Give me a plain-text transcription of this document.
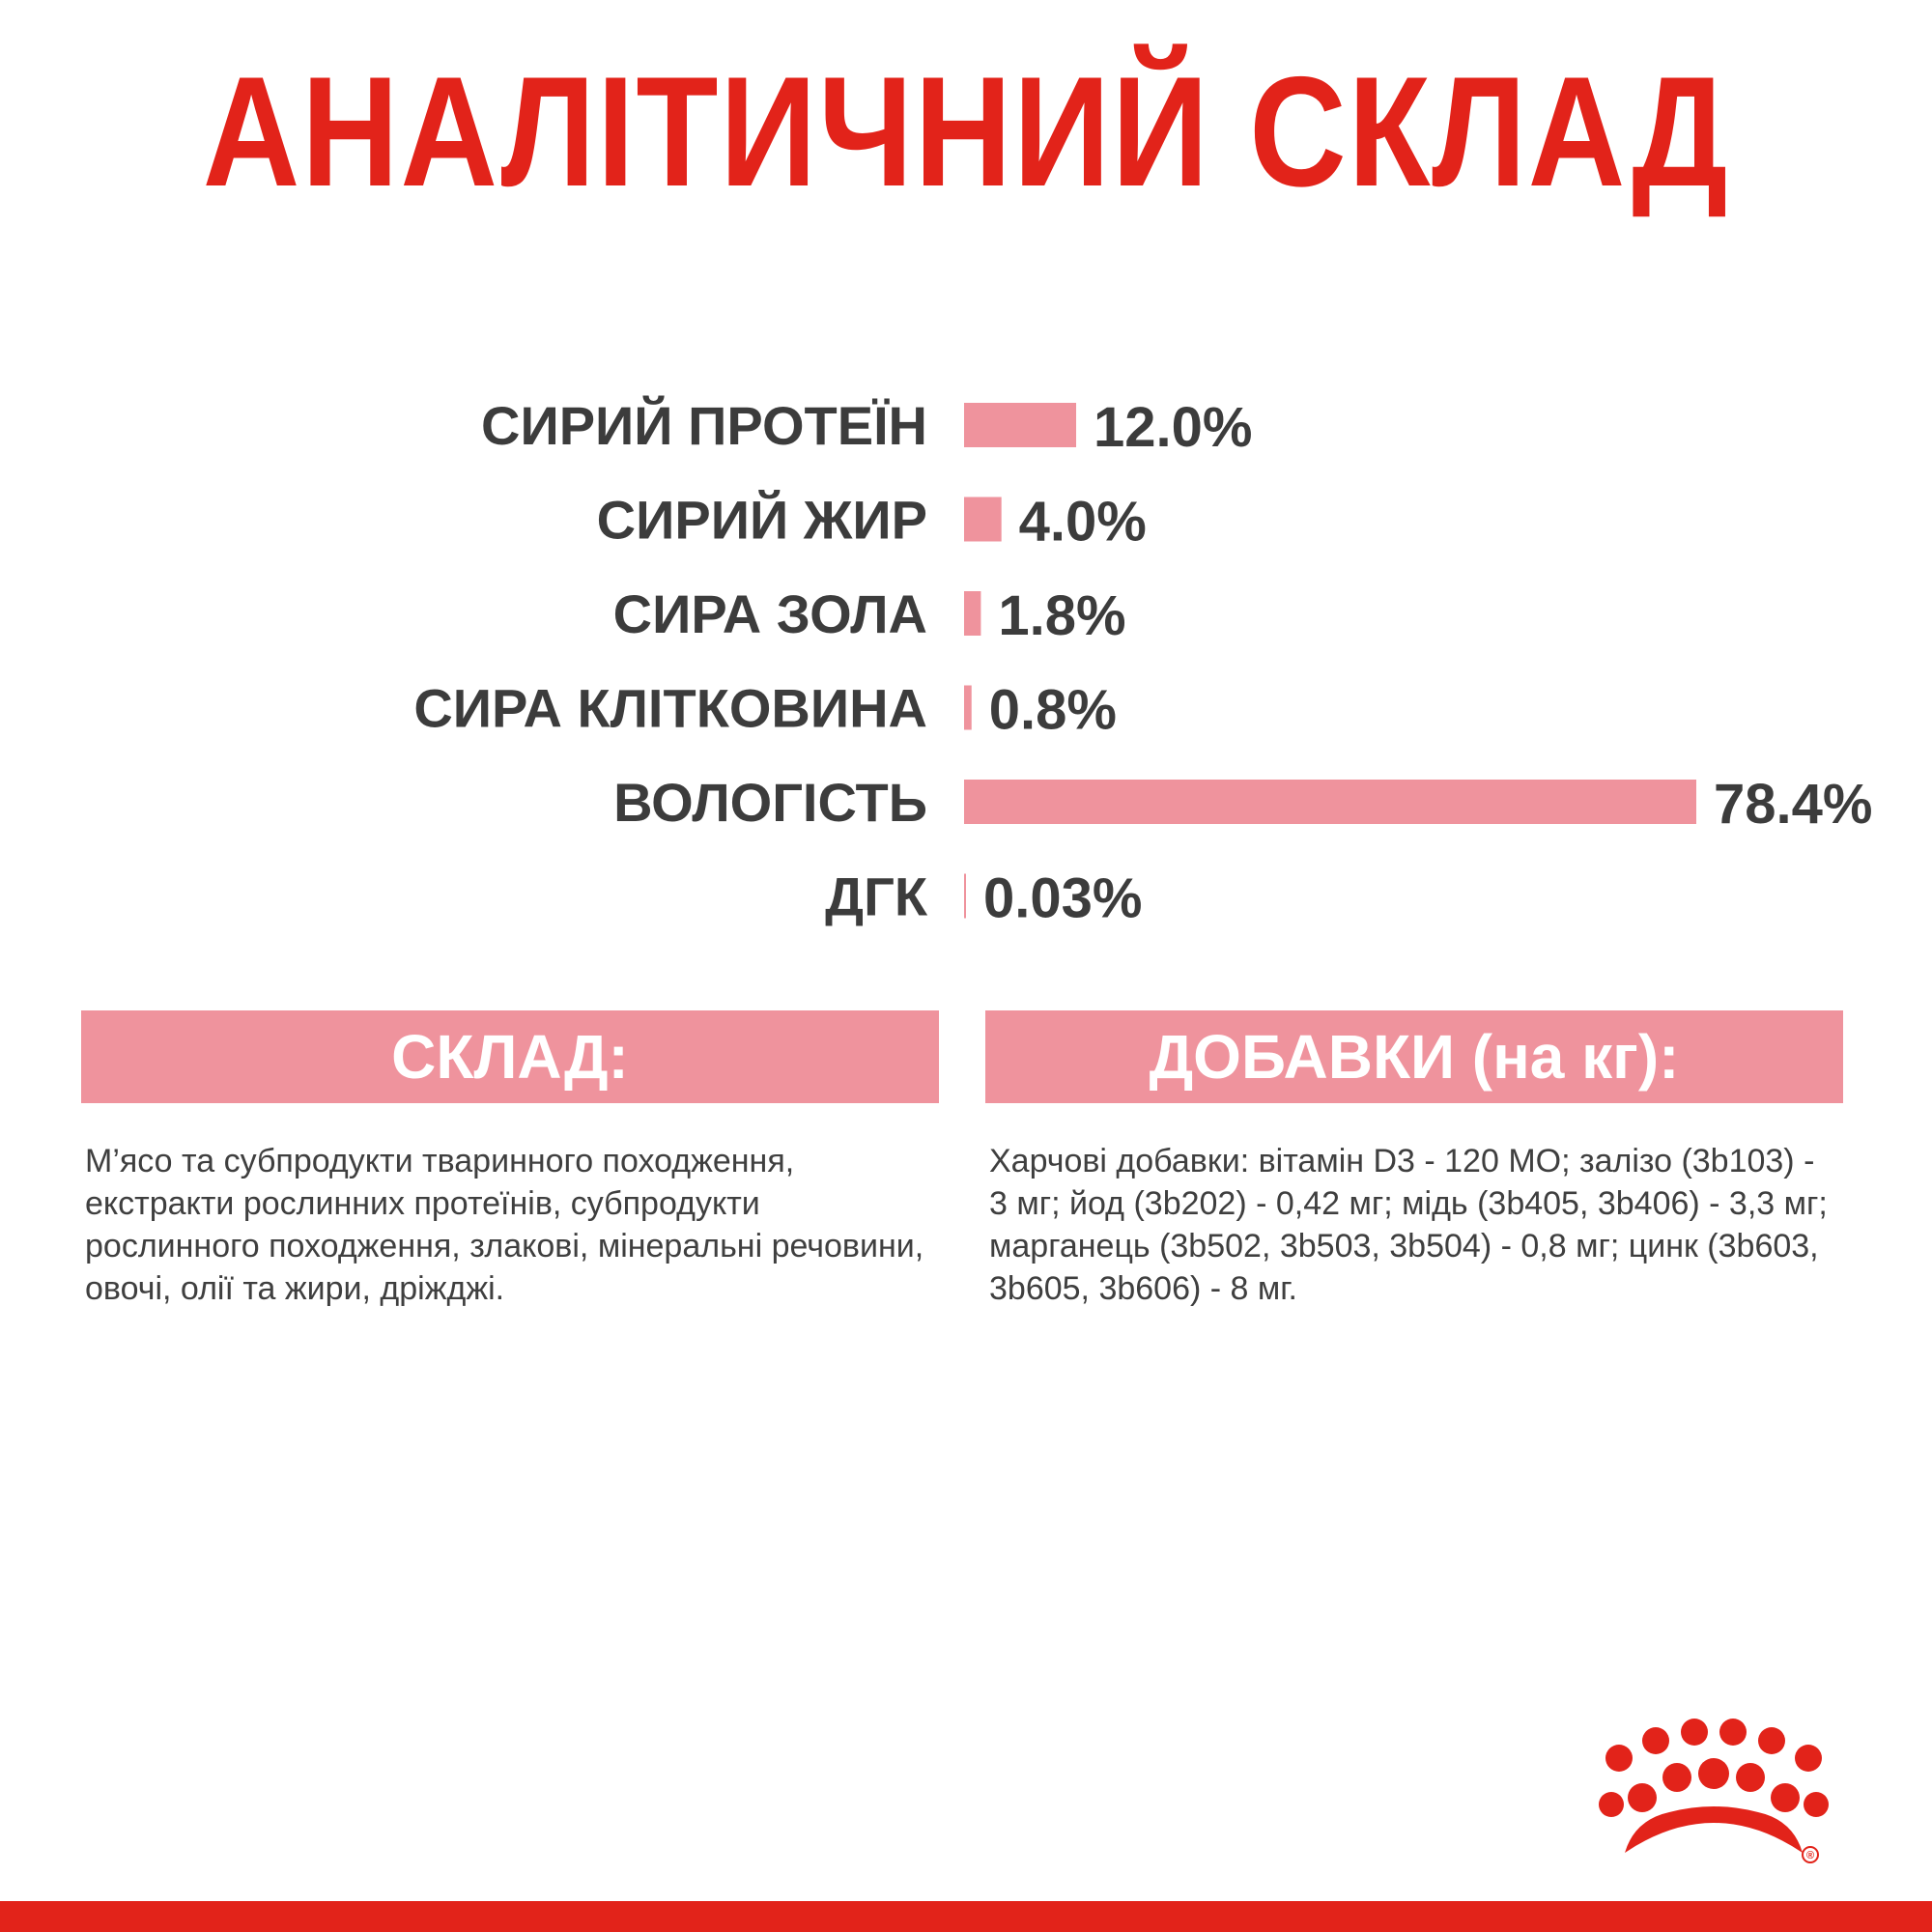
АНАЛІТИЧНИЙ СКЛАД
СИРИЙ ПРОТЕЇН	12.0%
СИРИЙ ЖИР 4.0%
СИРА ЗОЛА 1.8%
СИРА КЛІТКОВИНА 0.8%
ВОЛОГІСТЬ	78.4%
ДГК 0.03%
СКЛАД:	ДОБАВКИ (на кг):
М’ясо та субпродукти тваринного походження, екстракти рослинних протеїнів, субпродукти рослинного походження, злакові, мінеральні речовини, овочі, олії та жири, дріжджі.
Харчові добавки: вітамін D3 - 120 МО; залізо (3b103) - 3 мг; йод (3b202) - 0,42 мг; мідь (3b405, 3b406) - 3,3 мг; марганець (3b502, 3b503, 3b504) - 0,8 мг; цинк (3b603, 3b605, 3b606) - 8 мг.
®
